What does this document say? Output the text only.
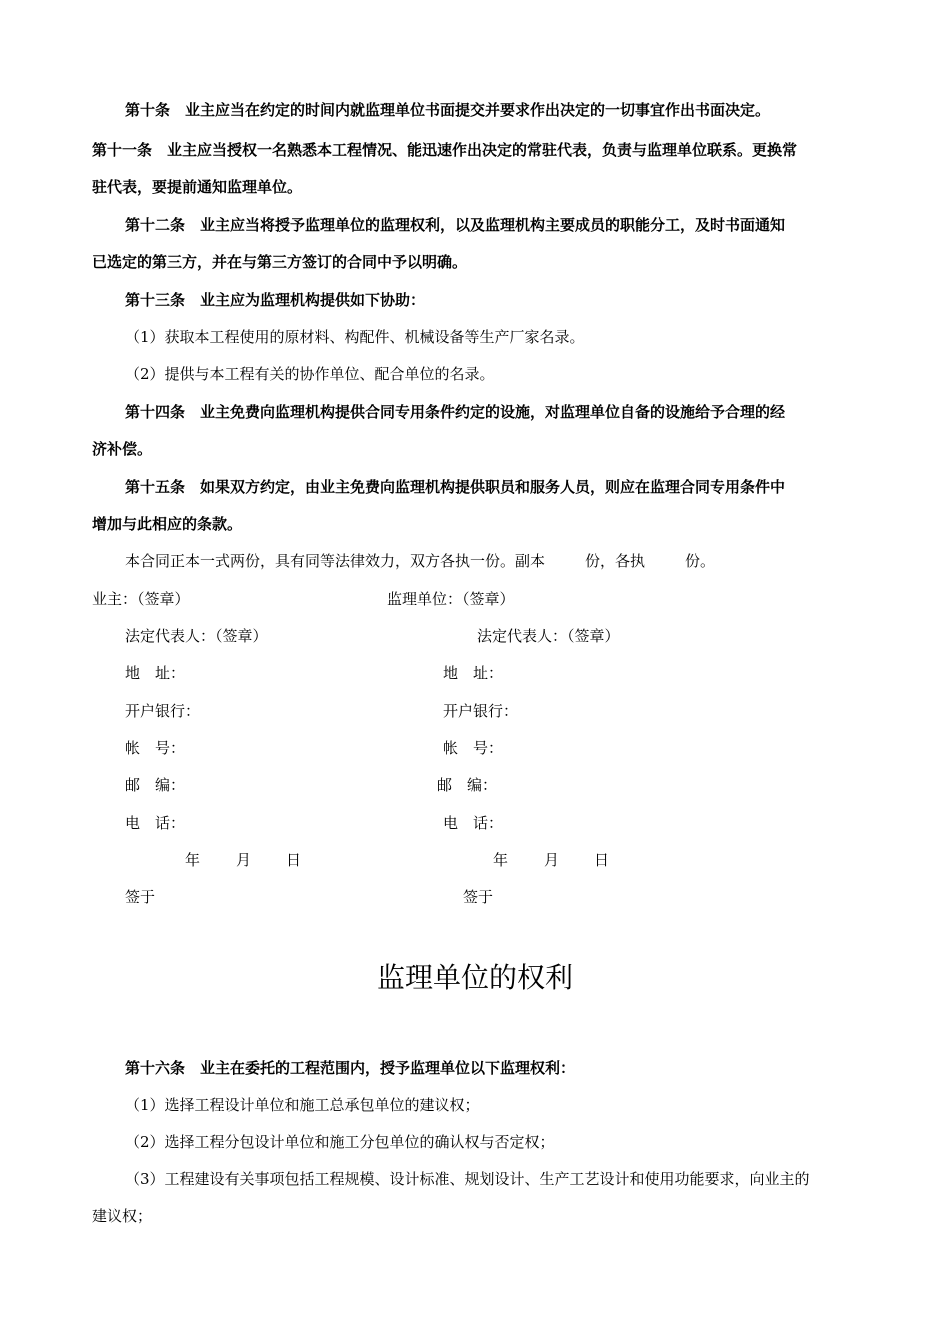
第十条　业主应当在约定的时间内就监理单位书面提交并要求作出决定的一切事宜作出书面决定。
第十一条　业主应当授权一名熟悉本工程情况、能迅速作出决定的常驻代表，负责与监理单位联系。更换常
驻代表，要提前通知监理单位。
第十二条　业主应当将授予监理单位的监理权利，以及监理机构主要成员的职能分工，及时书面通知
已选定的第三方，并在与第三方签订的合同中予以明确。
第十三条　业主应为监理机构提供如下协助：
（1）获取本工程使用的原材料、构配件、机械设备等生产厂家名录。
（2）提供与本工程有关的协作单位、配合单位的名录。
第十四条　业主免费向监理机构提供合同专用条件约定的设施，对监理单位自备的设施给予合理的经
济补偿。
第十五条　如果双方约定，由业主免费向监理机构提供职员和服务人员，则应在监理合同专用条件中
增加与此相应的条款。
本合同正本一式两份，具有同等法律效力，双方各执一份。副本	份，各执	份。
业主：（签章）	监理单位：（签章）
法定代表人：（签章）	法定代表人：（签章）
地　址：	地　址：
开户银行：	开户银行：
帐　号：	帐　号：
邮　编：	邮　编：
电　话：	电　话：
年 月 日	年 月 日
签于	签于
监理单位的权利
第十六条　业主在委托的工程范围内，授予监理单位以下监理权利：
（1）选择工程设计单位和施工总承包单位的建议权；
（2）选择工程分包设计单位和施工分包单位的确认权与否定权；
（3）工程建设有关事项包括工程规模、设计标准、规划设计、生产工艺设计和使用功能要求，向业主的
建议权；
